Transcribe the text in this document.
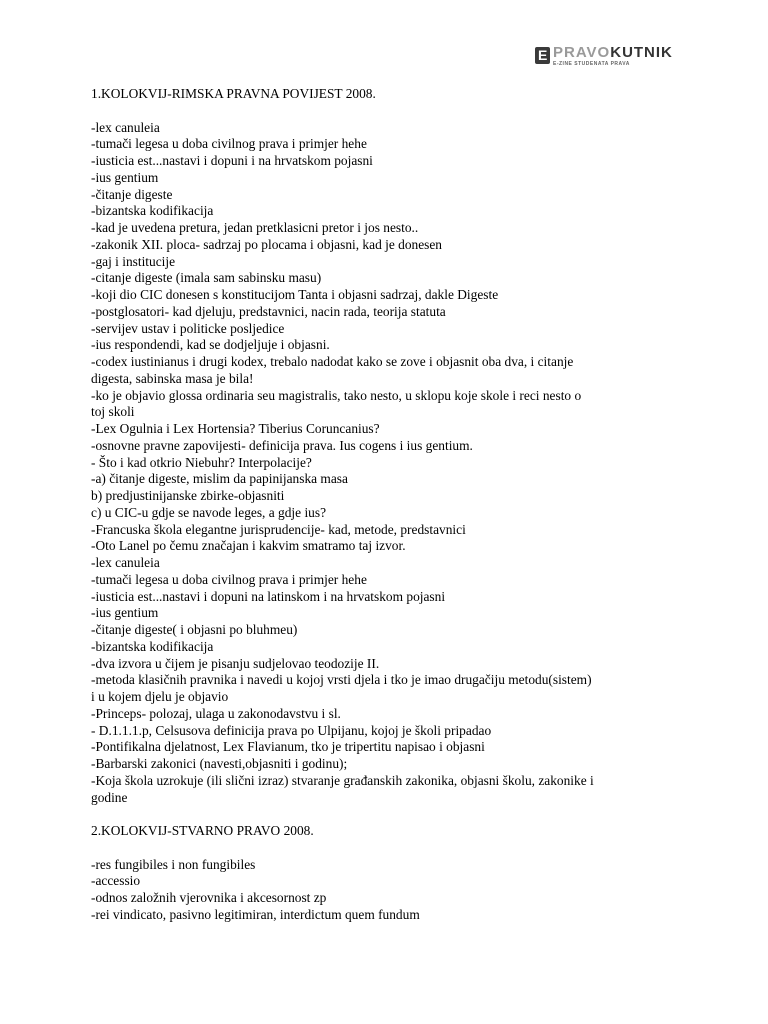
E PRAVOKUTNIK
E-ZINE STUDENATA PRAVA
1.KOLOKVIJ-RIMSKA PRAVNA POVIJEST 2008.
-lex canuleia
-tumači legesa u doba civilnog prava i primjer hehe
-iusticia est...nastavi i dopuni i na hrvatskom pojasni
-ius gentium
-čitanje digeste
-bizantska kodifikacija
-kad je uvedena pretura, jedan pretklasicni pretor i jos nesto..
-zakonik XII. ploca- sadrzaj po plocama i objasni, kad je donesen
-gaj i institucije
-citanje digeste (imala sam sabinsku masu)
-koji dio CIC donesen s konstitucijom Tanta i objasni sadrzaj, dakle Digeste
-postglosatori- kad djeluju, predstavnici, nacin rada, teorija statuta
-servijev ustav i politicke posljedice
-ius respondendi, kad se dodjeljuje i objasni.
-codex iustinianus i drugi kodex, trebalo nadodat kako se zove i objasnit oba dva, i citanje
digesta, sabinska masa je bila!
-ko je objavio glossa ordinaria seu magistralis, tako nesto, u sklopu koje skole i reci nesto o
toj skoli
-Lex Ogulnia i Lex Hortensia? Tiberius Coruncanius?
-osnovne pravne zapovijesti- definicija prava. Ius cogens i ius gentium.
- Što i kad otkrio Niebuhr? Interpolacije?
-a) čitanje digeste, mislim da papinijanska masa
b) predjustinijanske zbirke-objasniti
c) u CIC-u gdje se navode leges, a gdje ius?
-Francuska škola elegantne jurisprudencije- kad, metode, predstavnici
-Oto Lanel po čemu značajan i kakvim smatramo taj izvor.
-lex canuleia
-tumači legesa u doba civilnog prava i primjer hehe
-iusticia est...nastavi i dopuni na latinskom i na hrvatskom pojasni
-ius gentium
-čitanje digeste( i objasni po bluhmeu)
-bizantska kodifikacija
-dva izvora u čijem je pisanju sudjelovao teodozije II.
-metoda klasičnih pravnika i navedi u kojoj vrsti djela i tko je imao drugačiju metodu(sistem)
i u kojem djelu je objavio
-Princeps- polozaj, ulaga u zakonodavstvu i sl.
- D.1.1.1.p, Celsusova definicija prava po Ulpijanu, kojoj je školi pripadao
-Pontifikalna djelatnost, Lex Flavianum, tko je tripertitu napisao i objasni
-Barbarski zakonici (navesti,objasniti i godinu);
-Koja škola uzrokuje (ili slični izraz) stvaranje građanskih zakonika, objasni školu, zakonike i
godine
2.KOLOKVIJ-STVARNO PRAVO 2008.
-res fungibiles i non fungibiles
-accessio
-odnos založnih vjerovnika i akcesornost zp
-rei vindicato, pasivno legitimiran, interdictum quem fundum
